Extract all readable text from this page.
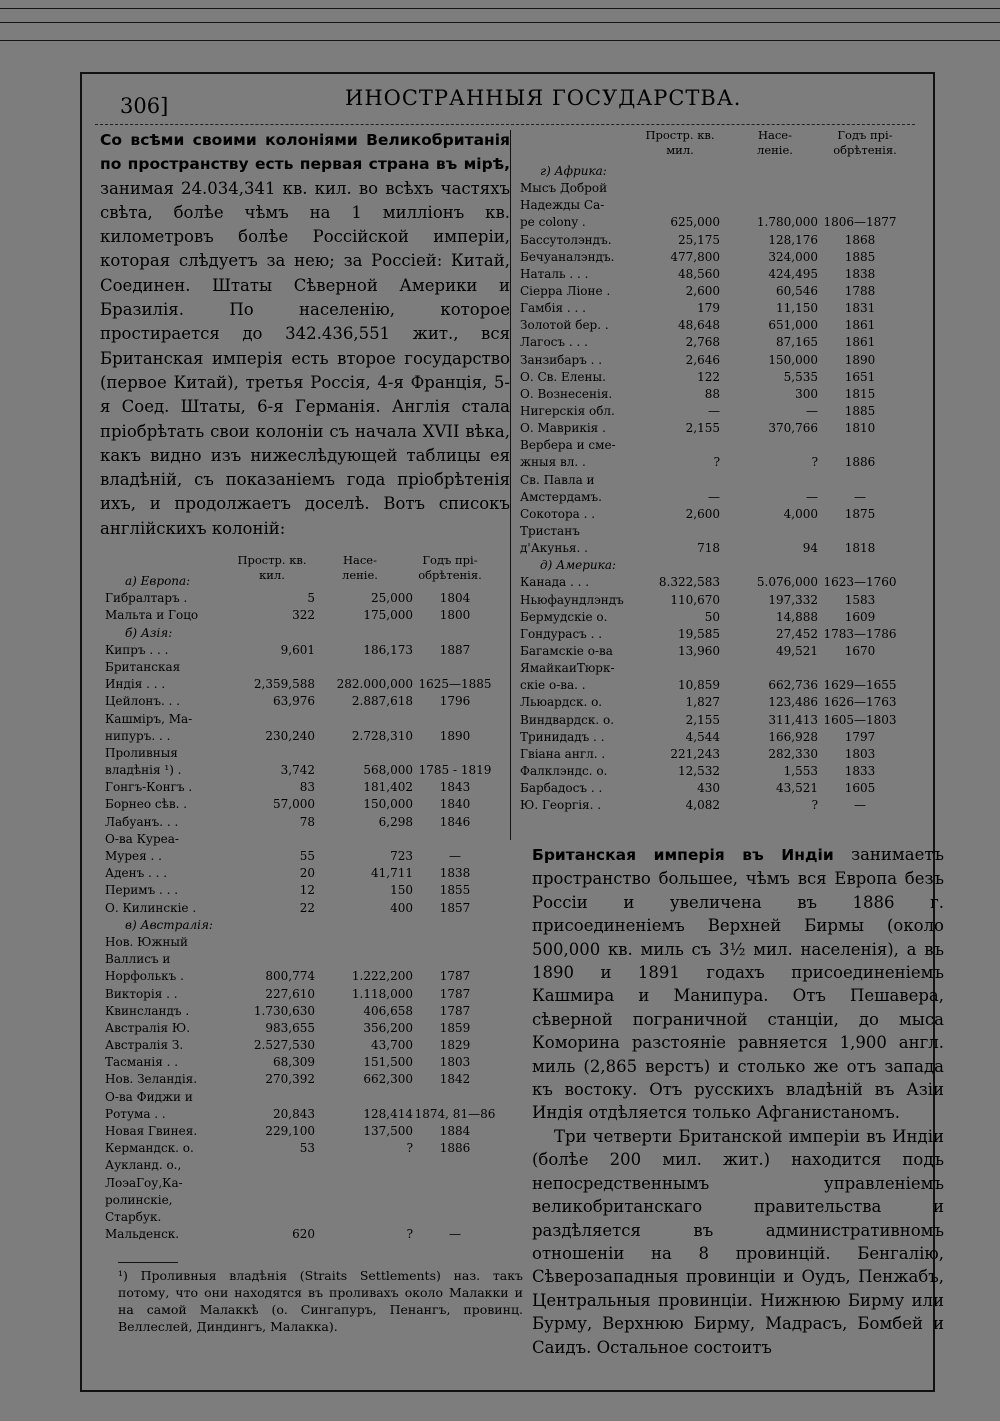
306]	ИНОСТРАННЫЯ ГОСУДАРСТВА.
Со всѣми своими колоніями Великобританія по пространству есть первая страна въ мірѣ, занимая 24.034,341 кв. кил. во всѣхъ частяхъ свѣта, болѣе чѣмъ на 1 милліонъ кв. километровъ болѣе Россійской имперіи, которая слѣдуетъ за нею; за Россіей: Китай, Соединен. Штаты Сѣверной Америки и Бразилія. По населенію, которое простирается до 342.436,551 жит., вся Британская имперія есть второе государство (первое Китай), третья Россія, 4-я Франція, 5-я Соед. Штаты, 6-я Германія. Англія стала пріобрѣтать свои колоніи съ начала XVII вѣка, какъ видно изъ нижеслѣдующей таблицы ея владѣній, съ показаніемъ года пріобрѣтенія ихъ, и продолжаетъ доселѣ. Вотъ списокъ англійскихъ колоній:
Простр. кв. кил.
Насе- леніе.
Годъ прі- обрѣтенія.
Простр. кв. мил.
Насе- леніе.
Годъ прі- обрѣтенія.
а) Европа:
Гибралтаръ .	5	25,000	1804
Мальта и Гоцо	322	175,000	1800
б) Азія:
Кипръ . . .	9,601	186,173	1887
Британская
Индія . . .	2,359,588	282.000,000 1625—1885
Цейлонъ. . .	63,976	2.887,618	1796
Кашміръ, Ма-
нипуръ. . .	230,240	2.728,310	1890
Проливныя
владѣнія ¹) .	3,742	568,000 1785 - 1819
Гонгъ-Конгъ .	83	181,402	1843
Борнео сѣв. .	57,000	150,000	1840
Лабуанъ. . .	78	6,298	1846
О-ва Куреа-
Мурея . .	55	723	—
Аденъ . . .	20	41,711	1838
Перимъ . . .	12	150	1855
О. Килинскіе .	22	400	1857
в) Австралія:
Нов. Южный
Валлисъ и
Норфолькъ .	800,774	1.222,200	1787
Викторія . .	227,610	1.118,000	1787
Квинсландъ .	1.730,630	406,658	1787
Австралія Ю.	983,655	356,200	1859
Австралія З.	2.527,530	43,700	1829
Тасманія . .	68,309	151,500	1803
Нов. Зеландія.	270,392	662,300	1842
О-ва Фиджи и
Ротума . .	20,843	128,414 1874, 81—86
Новая Гвинея.	229,100	137,500	1884
Кермандск. о.	53	?	1886
Аукланд. о.,
ЛоэаГоу,Ка-
ролинскіе,
Старбук.
Мальденск.	620	?	—
г) Африка:
Мысъ Доброй
Надежды Са-
ре colony .	625,000	1.780,000 1806—1877
Бассутолэндъ.	25,175	128,176	1868
Бечуаналэндъ.	477,800	324,000	1885
Наталь . . .	48,560	424,495	1838
Сіерра Ліоне .	2,600	60,546	1788
Гамбія . . .	179	11,150	1831
Золотой бер. .	48,648	651,000	1861
Лагосъ . . .	2,768	87,165	1861
Занзибаръ . .	2,646	150,000	1890
О. Св. Елены.	122	5,535	1651
О. Вознесенія.	88	300	1815
Нигерскія обл.	—	—	1885
О. Маврикія .	2,155	370,766	1810
Вербера и сме-
жныя вл. .	?	?	1886
Св. Павла и
Амстердамъ.	—	—	—
Сокотора . .	2,600	4,000	1875
Тристанъ
д'Акунья. .	718	94	1818
д) Америка:
Канада . . .	8.322,583	5.076,000 1623—1760
Ньюфаундлэндъ	110,670	197,332	1583
Бермудскіе о.	50	14,888	1609
Гондурасъ . .	19,585	27,452 1783—1786
Багамскіе о-ва	13,960	49,521	1670
ЯмайкаиТюрк-
скіе о-ва. .	10,859	662,736 1629—1655
Льюардск. о.	1,827	123,486 1626—1763
Виндвардск. о.	2,155	311,413 1605—1803
Тринидадъ . .	4,544	166,928	1797
Гвіана англ. .	221,243	282,330	1803
Фалклэндс. о.	12,532	1,553	1833
Барбадосъ . .	430	43,521	1605
Ю. Георгія. .	4,082	?	—
¹) Проливныя владѣнія (Straits Settlements) наз. такъ потому, что они находятся въ проливахъ около Малакки и на самой Малаккѣ (о. Сингапуръ, Пенангъ, провинц. Веллеслей, Диндингъ, Малакка).

Британская имперія въ Индіи занимаетъ пространство большее, чѣмъ вся Европа безъ Россіи и увеличена въ 1886 г. присоединеніемъ Верхней Бирмы (около 500,000 кв. миль съ 3½ мил. населенія), а въ 1890 и 1891 годахъ присоединеніемъ Кашмира и Манипура. Отъ Пешавера, сѣверной пограничной станціи, до мыса Коморина разстояніе равняется 1,900 англ. миль (2,865 верстъ) и столько же отъ запада къ востоку. Отъ русскихъ владѣній въ Азіи Индія отдѣляется только Афганистаномъ.

Три четверти Британской имперіи въ Индіи (болѣе 200 мил. жит.) находится подъ непосредственнымъ управленіемъ великобританскаго правительства и раздѣляется въ административномъ отношеніи на 8 провинцій. Бенгалію, Сѣверозападныя провинціи и Оудъ, Пенжабъ, Центральныя провинціи. Нижнюю Бирму или Бурму, Верхнюю Бирму, Мадрасъ, Бомбей и Саидъ. Остальное состоитъ
